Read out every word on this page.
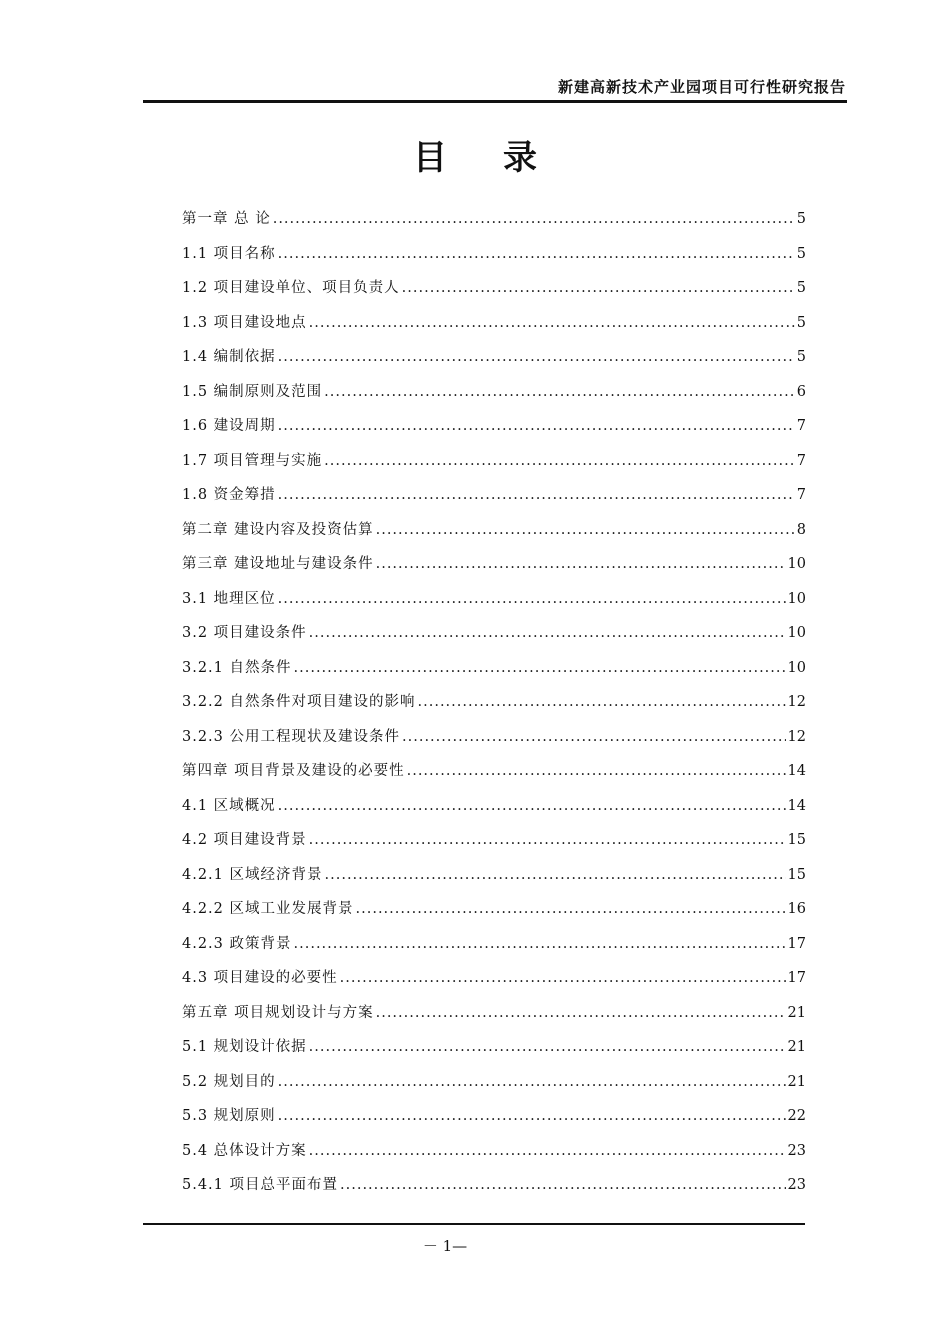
新建高新技术产业园项目可行性研究报告
目 录
第一章 总 论 .....	5
1.1 项目名称 .....	5
1.2 项目建设单位、项目负责人 .....	5
1.3 项目建设地点 .....	5
1.4 编制依据 .....	5
1.5 编制原则及范围 .....	6
1.6 建设周期 .....	7
1.7 项目管理与实施 .....	7
1.8 资金筹措 .....	7
第二章 建设内容及投资估算 .....	8
第三章 建设地址与建设条件 .....	10
3.1 地理区位 .....	10
3.2 项目建设条件 .....	10
3.2.1 自然条件 .....	10
3.2.2 自然条件对项目建设的影响 .....	12
3.2.3 公用工程现状及建设条件 .....	12
第四章 项目背景及建设的必要性 .....	14
4.1 区域概况 .....	14
4.2 项目建设背景 .....	15
4.2.1 区域经济背景 .....	15
4.2.2 区域工业发展背景 .....	16
4.2.3 政策背景 .....	17
4.3 项目建设的必要性 .....	17
第五章 项目规划设计与方案 .....	21
5.1 规划设计依据 .....	21
5.2 规划目的 .....	21
5.3 规划原则 .....	22
5.4 总体设计方案 .....	23
5.4.1 项目总平面布置 .....	23
－ 1—
